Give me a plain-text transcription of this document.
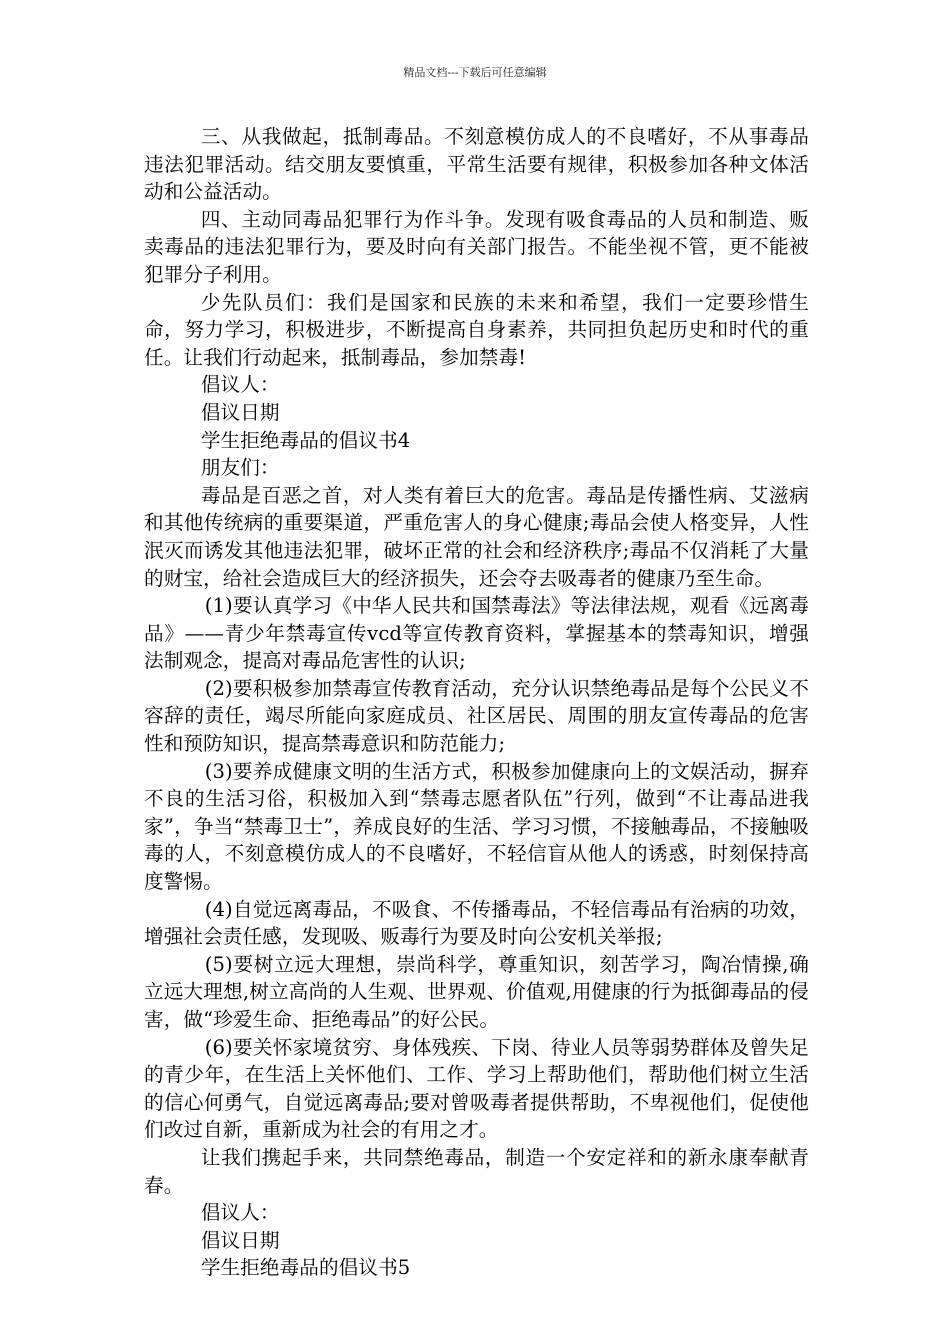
精品文档---下载后可任意编辑

三、从我做起，抵制毒品。不刻意模仿成人的不良嗜好，不从事毒品违法犯罪活动。结交朋友要慎重，平常生活要有规律，积极参加各种文体活动和公益活动。

四、主动同毒品犯罪行为作斗争。发现有吸食毒品的人员和制造、贩卖毒品的违法犯罪行为，要及时向有关部门报告。不能坐视不管，更不能被犯罪分子利用。

少先队员们：我们是国家和民族的未来和希望，我们一定要珍惜生命，努力学习，积极进步，不断提高自身素养，共同担负起历史和时代的重任。让我们行动起来，抵制毒品，参加禁毒!

倡议人：

倡议日期

学生拒绝毒品的倡议书4

朋友们：

毒品是百恶之首，对人类有着巨大的危害。毒品是传播性病、艾滋病和其他传统病的重要渠道，严重危害人的身心健康;毒品会使人格变异，人性泯灭而诱发其他违法犯罪，破坏正常的社会和经济秩序;毒品不仅消耗了大量的财宝，给社会造成巨大的经济损失，还会夺去吸毒者的健康乃至生命。

(1)要认真学习《中华人民共和国禁毒法》等法律法规，观看《远离毒品》——青少年禁毒宣传vcd等宣传教育资料，掌握基本的禁毒知识，增强法制观念，提高对毒品危害性的认识;

(2)要积极参加禁毒宣传教育活动，充分认识禁绝毒品是每个公民义不容辞的责任，竭尽所能向家庭成员、社区居民、周围的朋友宣传毒品的危害性和预防知识，提高禁毒意识和防范能力;

(3)要养成健康文明的生活方式，积极参加健康向上的文娱活动，摒弃不良的生活习俗，积极加入到“禁毒志愿者队伍”行列，做到“不让毒品进我家”，争当“禁毒卫士”，养成良好的生活、学习习惯，不接触毒品，不接触吸毒的人，不刻意模仿成人的不良嗜好，不轻信盲从他人的诱惑，时刻保持高度警惕。

(4)自觉远离毒品，不吸食、不传播毒品，不轻信毒品有治病的功效，增强社会责任感，发现吸、贩毒行为要及时向公安机关举报;

(5)要树立远大理想，崇尚科学，尊重知识，刻苦学习，陶冶情操,确立远大理想,树立高尚的人生观、世界观、价值观,用健康的行为抵御毒品的侵害，做“珍爱生命、拒绝毒品”的好公民。

(6)要关怀家境贫穷、身体残疾、下岗、待业人员等弱势群体及曾失足的青少年，在生活上关怀他们、工作、学习上帮助他们，帮助他们树立生活的信心何勇气，自觉远离毒品;要对曾吸毒者提供帮助，不卑视他们，促使他们改过自新，重新成为社会的有用之才。

让我们携起手来，共同禁绝毒品，制造一个安定祥和的新永康奉献青春。

倡议人：

倡议日期

学生拒绝毒品的倡议书5
